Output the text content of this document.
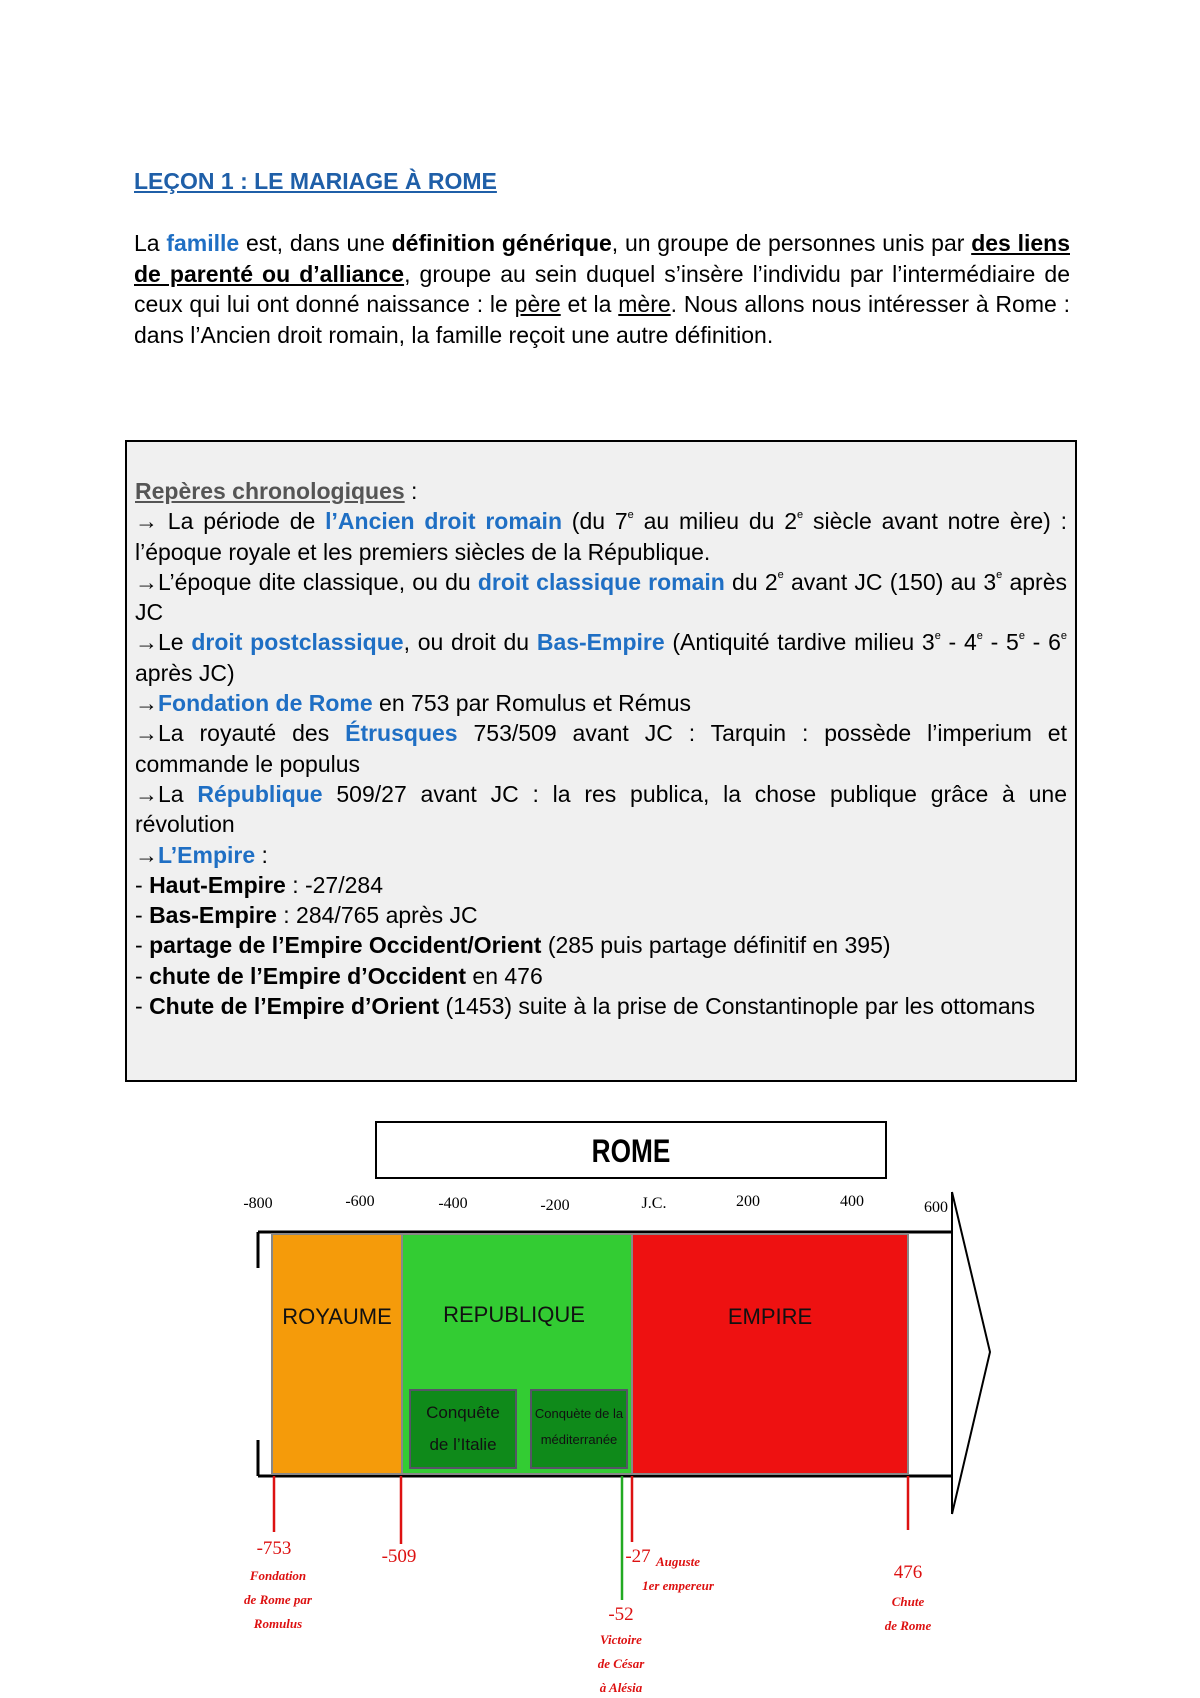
LEÇON 1 : LE MARIAGE À ROME

La famille est, dans une définition générique, un groupe de personnes unis par des liens de parenté ou d’alliance, groupe au sein duquel s’insère l’individu par l’intermédiaire de ceux qui lui ont donné naissance : le père et la mère. Nous allons nous intéresser à Rome : dans l’Ancien droit romain, la famille reçoit une autre définition.

Repères chronologiques :

→ La période de l’Ancien droit romain (du 7e au milieu du 2e siècle avant notre ère) : l’époque royale et les premiers siècles de la République.

→L’époque dite classique, ou du droit classique romain du 2e avant JC (150) au 3e après JC

→Le droit postclassique, ou droit du Bas-Empire (Antiquité tardive milieu 3e - 4e - 5e - 6e après JC)

→Fondation de Rome en 753 par Romulus et Rémus

→La royauté des Étrusques 753/509 avant JC : Tarquin : possède l’imperium et commande le populus

→La République 509/27 avant JC : la res publica, la chose publique grâce à une révolution

→L’Empire :

- Haut-Empire : -27/284

- Bas-Empire : 284/765 après JC

- partage de l’Empire Occident/Orient (285 puis partage définitif en 395)

- chute de l’Empire d’Occident en 476

- Chute de l’Empire d’Orient (1453) suite à la prise de Constantinople par les ottomans

ROME
-800	-600	-400	-200	J.C.	200	400	600
ROYAUME REPUBLIQUE	EMPIRE
Conquête
de l’Italie
Conquète de la
méditerranée
-753
Fondation
de Rome par
Romulus
-509	-27 Auguste
1er empereur
-52
Victoire
de César
à Alésia
476
Chute
de Rome
